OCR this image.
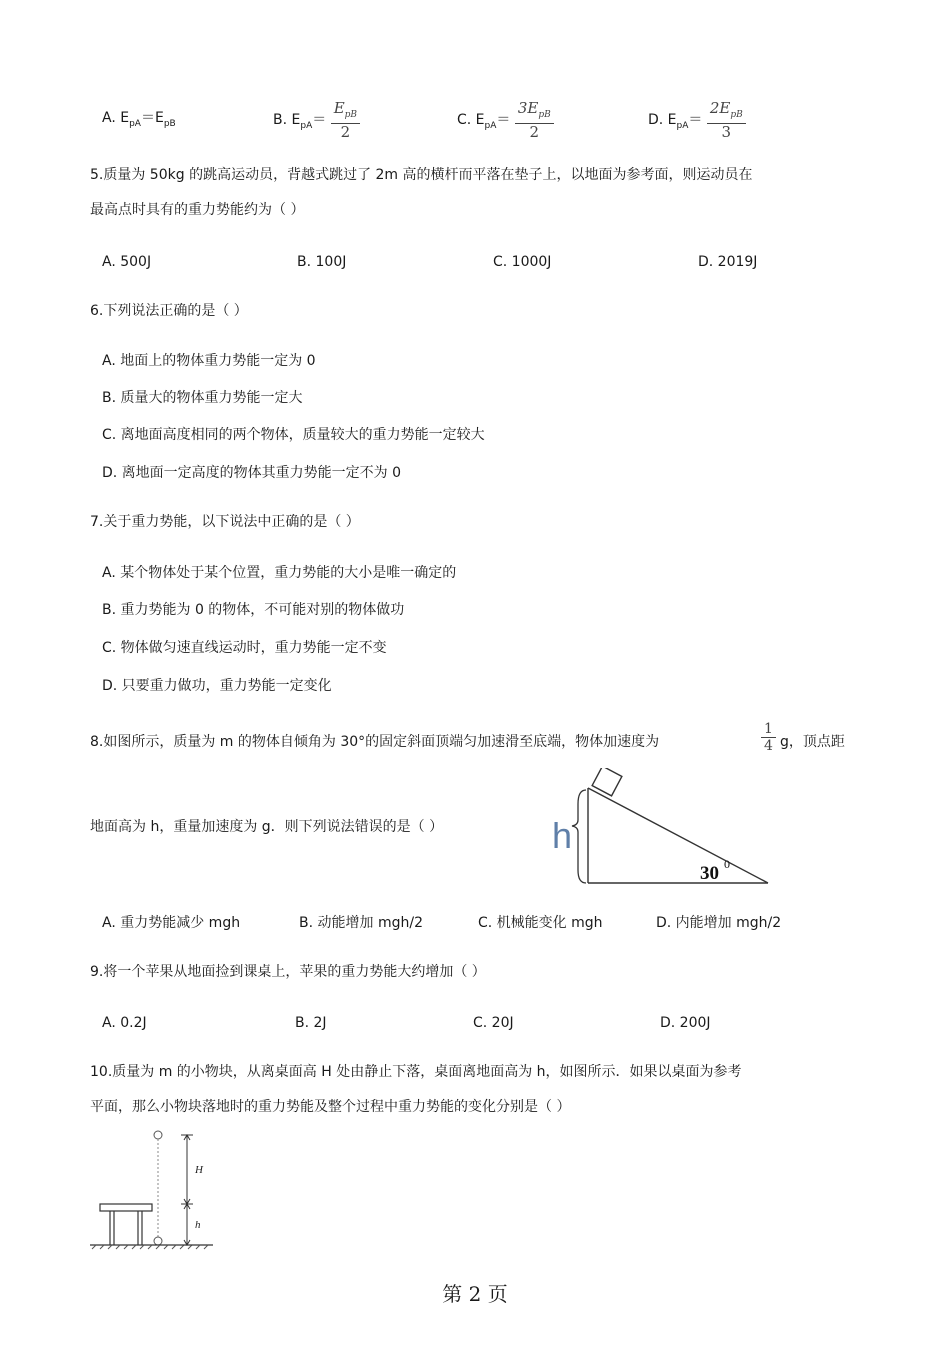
A. $E_{pA}=E_{pB}$	B. $E_{pA}= \frac{E_{pB}}{2}$	C. $E_{pA}= \frac{3E_{pB}}{2}$	D. $E_{pA}= \frac{2E_{pB}}{3}$
5.质量为 50kg 的跳高运动员，背越式跳过了 2m 高的横杆而平落在垫子上，以地面为参考面，则运动员在
最高点时具有的重力势能约为（ ）
A. 500J	B. 100J	C. 1000J	D. 2019J
6.下列说法正确的是（ ）
A. 地面上的物体重力势能一定为 0
B. 质量大的物体重力势能一定大
C. 离地面高度相同的两个物体，质量较大的重力势能一定较大
D. 离地面一定高度的物体其重力势能一定不为 0
7.关于重力势能，以下说法中正确的是（ ）
A. 某个物体处于某个位置，重力势能的大小是唯一确定的
B. 重力势能为 0 的物体，不可能对别的物体做功
C. 物体做匀速直线运动时，重力势能一定不变
D. 只要重力做功，重力势能一定变化
8.如图所示，质量为 m 的物体自倾角为 30°的固定斜面顶端匀加速滑至底端，物体加速度为	$\frac{1}{4}$ g，顶点距
地面高为 h，重量加速度为 g．则下列说法错误的是（ ）	h
30 0
A. 重力势能减少 mgh	B. 动能增加 mgh/2	C. 机械能变化 mgh	D. 内能增加 mgh/2
9.将一个苹果从地面捡到课桌上，苹果的重力势能大约增加（ ）
A. 0.2J	B. 2J	C. 20J	D. 200J
10.质量为 m 的小物块，从离桌面高 H 处由静止下落，桌面离地面高为 h，如图所示．如果以桌面为参考
平面，那么小物块落地时的重力势能及整个过程中重力势能的变化分别是（ ）
H
h
第 2 页
